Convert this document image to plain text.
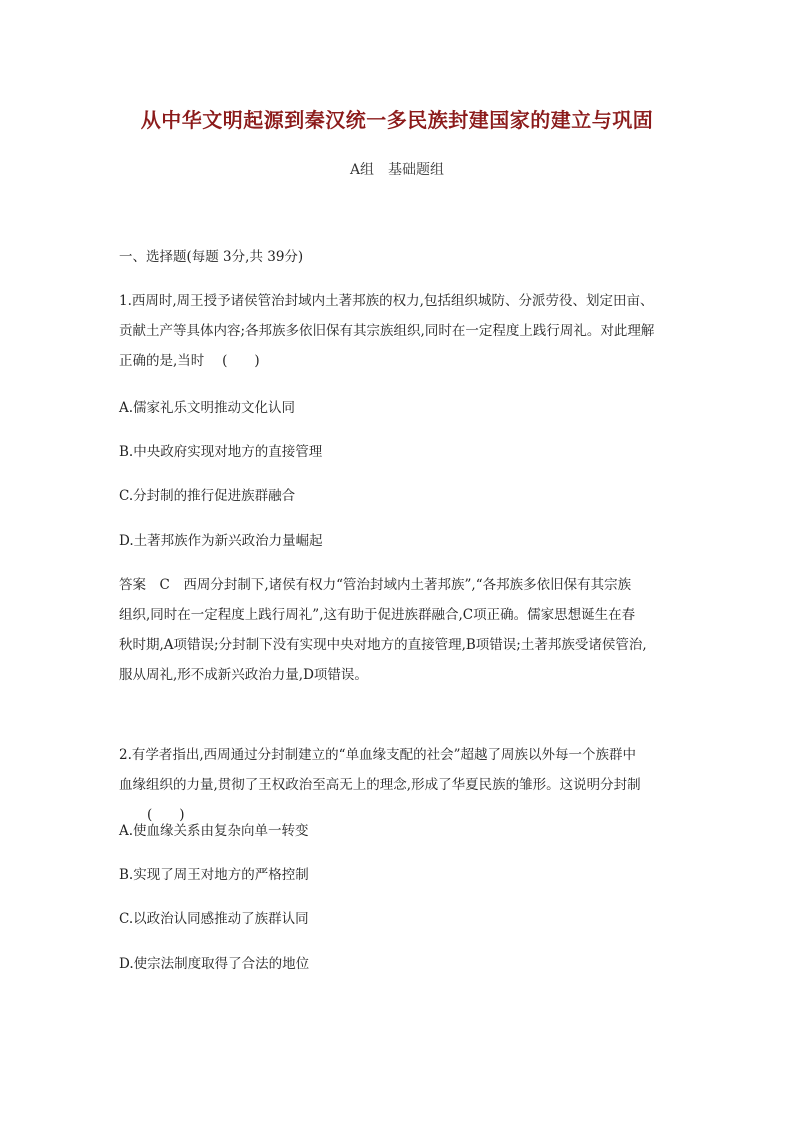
从中华文明起源到秦汉统一多民族封建国家的建立与巩固
A组　基础题组
一、选择题(每题 3分,共 39分)
1.西周时,周王授予诸侯管治封域内土著邦族的权力,包括组织城防、分派劳役、划定田亩、
贡献土产等具体内容;各邦族多依旧保有其宗族组织,同时在一定程度上践行周礼。对此理解
正确的是,当时　 (　　)
A.儒家礼乐文明推动文化认同
B.中央政府实现对地方的直接管理
C.分封制的推行促进族群融合
D.土著邦族作为新兴政治力量崛起
答案　C　西周分封制下,诸侯有权力“管治封域内土著邦族”,“各邦族多依旧保有其宗族
组织,同时在一定程度上践行周礼”,这有助于促进族群融合,C项正确。儒家思想诞生在春
秋时期,A项错误;分封制下没有实现中央对地方的直接管理,B项错误;土著邦族受诸侯管治,
服从周礼,形不成新兴政治力量,D项错误。
2.有学者指出,西周通过分封制建立的“单血缘支配的社会”超越了周族以外每一个族群中
血缘组织的力量,贯彻了王权政治至高无上的理念,形成了华夏民族的雏形。这说明分封制
(　　)
A.使血缘关系由复杂向单一转变
B.实现了周王对地方的严格控制
C.以政治认同感推动了族群认同
D.使宗法制度取得了合法的地位
